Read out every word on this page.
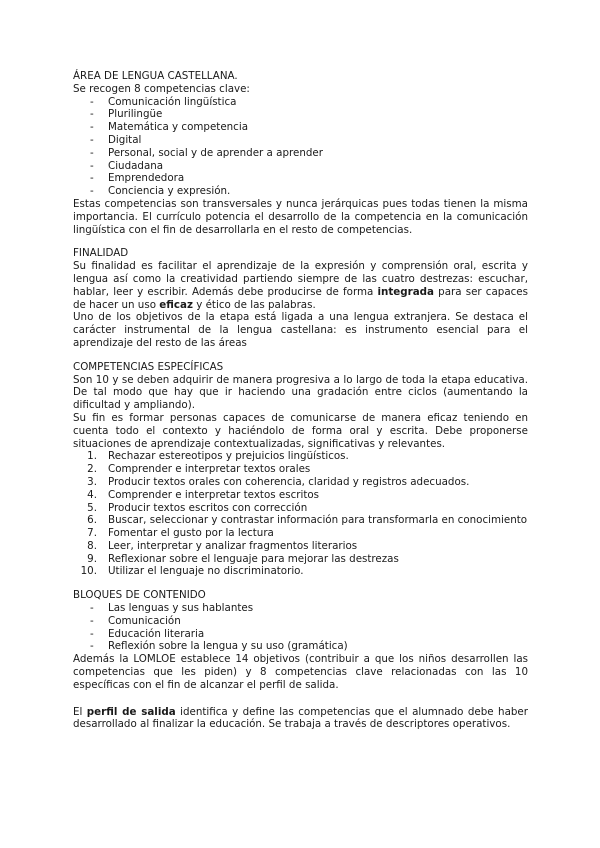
ÁREA DE LENGUA CASTELLANA.

Se recogen 8 competencias clave:

- Comunicación lingüística
- Plurilingüe
- Matemática y competencia
- Digital
- Personal, social y de aprender a aprender
- Ciudadana
- Emprendedora
- Conciencia y expresión.

Estas competencias son transversales y nunca jerárquicas pues todas tienen la misma importancia. El currículo potencia el desarrollo de la competencia en la comunicación lingüística con el fin de desarrollarla en el resto de competencias.

FINALIDAD

Su finalidad es facilitar el aprendizaje de la expresión y comprensión oral, escrita y lengua así como la creatividad partiendo siempre de las cuatro destrezas: escuchar, hablar, leer y escribir. Además debe producirse de forma integrada para ser capaces de hacer un uso eficaz y ético de las palabras.

Uno de los objetivos de la etapa está ligada a una lengua extranjera. Se destaca el carácter instrumental de la lengua castellana: es instrumento esencial para el aprendizaje del resto de las áreas

COMPETENCIAS ESPECÍFICAS

Son 10 y se deben adquirir de manera progresiva a lo largo de toda la etapa educativa. De tal modo que hay que ir haciendo una gradación entre ciclos (aumentando la dificultad y ampliando).

Su fin es formar personas capaces de comunicarse de manera eficaz teniendo en cuenta todo el contexto y haciéndolo de forma oral y escrita. Debe proponerse situaciones de aprendizaje contextualizadas, significativas y relevantes.

1. Rechazar estereotipos y prejuicios lingüísticos.
2. Comprender e interpretar textos orales
3. Producir textos orales con coherencia, claridad y registros adecuados.
4. Comprender e interpretar textos escritos
5. Producir textos escritos con corrección
6. Buscar, seleccionar y contrastar información para transformarla en conocimiento
7. Fomentar el gusto por la lectura
8. Leer, interpretar y analizar fragmentos literarios
9. Reflexionar sobre el lenguaje para mejorar las destrezas
10. Utilizar el lenguaje no discriminatorio.

BLOQUES DE CONTENIDO

- Las lenguas y sus hablantes
- Comunicación
- Educación literaria
- Reflexión sobre la lengua y su uso (gramática)

Además la LOMLOE establece 14 objetivos (contribuir a que los niños desarrollen las competencias que les piden) y 8 competencias clave relacionadas con las 10 específicas con el fin de alcanzar el perfil de salida.

El perfil de salida identifica y define las competencias que el alumnado debe haber desarrollado al finalizar la educación. Se trabaja a través de descriptores operativos.
